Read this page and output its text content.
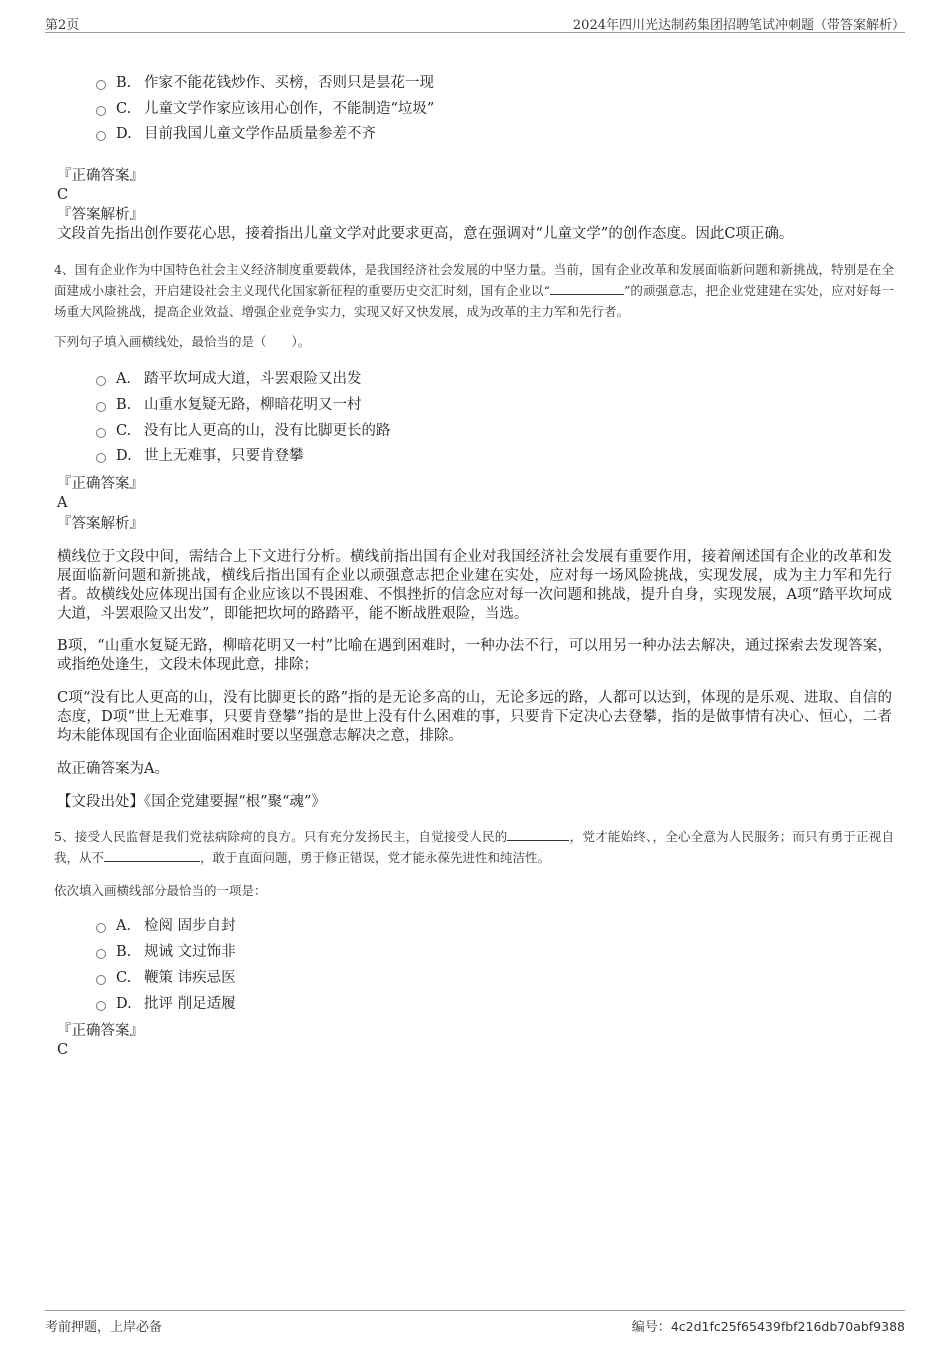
第2页	2024年四川光达制药集团招聘笔试冲刺题（带答案解析）
B. 作家不能花钱炒作、买榜，否则只是昙花一现
C. 儿童文学作家应该用心创作，不能制造“垃圾”
D. 目前我国儿童文学作品质量参差不齐
『正确答案』
C
『答案解析』
文段首先指出创作要花心思，接着指出儿童文学对此要求更高，意在强调对“儿童文学”的创作态度。因此C项正确。
4、国有企业作为中国特色社会主义经济制度重要载体，是我国经济社会发展的中坚力量。当前，国有企业改革和发展面临新问题和新挑战，特别是在全面建成小康社会，开启建设社会主义现代化国家新征程的重要历史交汇时刻，国有企业以“	”的顽强意志，把企业党建建在实处，应对好每一场重大风险挑战，提高企业效益、增强企业竞争实力，实现又好又快发展，成为改革的主力军和先行者。
下列句子填入画横线处，最恰当的是（　　）。
A． 踏平坎坷成大道，斗罢艰险又出发
B. 山重水复疑无路，柳暗花明又一村
C. 没有比人更高的山，没有比脚更长的路
D. 世上无难事，只要肯登攀
『正确答案』
A
『答案解析』
横线位于文段中间，需结合上下文进行分析。横线前指出国有企业对我国经济社会发展有重要作用，接着阐述国有企业的改革和发展面临新问题和新挑战，横线后指出国有企业以顽强意志把企业建在实处，应对每一场风险挑战，实现发展，成为主力军和先行者。故横线处应体现出国有企业应该以不畏困难、不惧挫折的信念应对每一次问题和挑战，提升自身，实现发展，A项“踏平坎坷成大道，斗罢艰险又出发”，即能把坎坷的路踏平，能不断战胜艰险，当选。
B项，“山重水复疑无路，柳暗花明又一村”比喻在遇到困难时，一种办法不行，可以用另一种办法去解决，通过探索去发现答案，或指绝处逢生，文段未体现此意，排除；
C项“没有比人更高的山，没有比脚更长的路”指的是无论多高的山，无论多远的路，人都可以达到，体现的是乐观、进取、自信的态度，D项“世上无难事，只要肯登攀”指的是世上没有什么困难的事，只要肯下定决心去登攀，指的是做事情有决心、恒心，二者均未能体现国有企业面临困难时要以坚强意志解决之意，排除。
故正确答案为A。
【文段出处】《国企党建要握“根”聚“魂”》
5、接受人民监督是我们党祛病除疴的良方。只有充分发扬民主，自觉接受人民的	，党才能始终、，全心全意为人民服务；而只有勇于正视自我，从不	，敢于直面问题，勇于修正错误，党才能永葆先进性和纯洁性。
依次填入画横线部分最恰当的一项是：
A． 检阅 固步自封
B. 规诫 文过饰非
C. 鞭策 讳疾忌医
D. 批评 削足适履
『正确答案』
C
考前押题，上岸必备	编号：4c2d1fc25f65439fbf216db70abf9388
